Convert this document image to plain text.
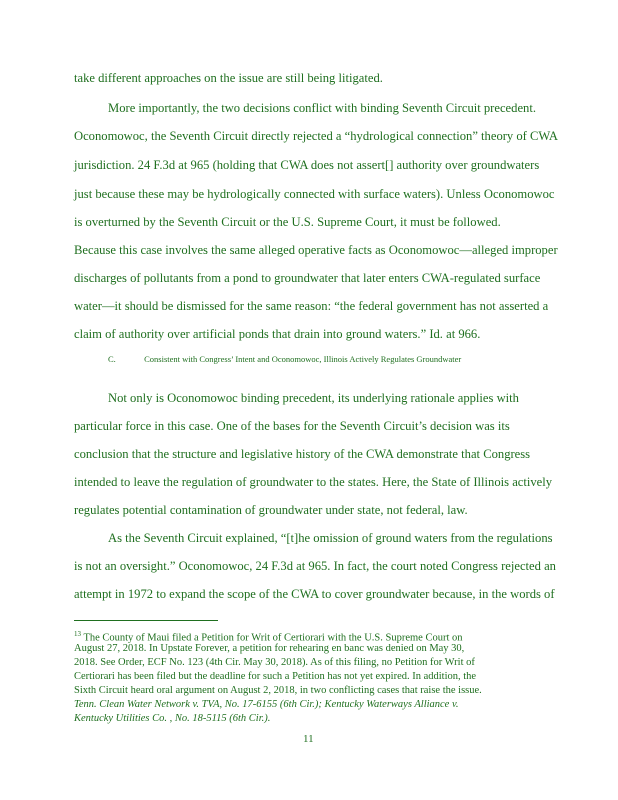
take different approaches on the issue are still being litigated.
More importantly, the two decisions conflict with binding Seventh Circuit precedent.
Oconomowoc, the Seventh Circuit directly rejected a “hydrological connection” theory of CWA
jurisdiction. 24 F.3d at 965 (holding that CWA does not assert[] authority over groundwaters
just because these may be hydrologically connected with surface waters). Unless Oconomowoc
is overturned by the Seventh Circuit or the U.S. Supreme Court, it must be followed.
Because this case involves the same alleged operative facts as Oconomowoc—alleged improper
discharges of pollutants from a pond to groundwater that later enters CWA-regulated surface
water—it should be dismissed for the same reason: “the federal government has not asserted a
claim of authority over artificial ponds that drain into ground waters.” Id. at 966.
C.	Consistent with Congress’ Intent and Oconomowoc, Illinois Actively Regulates Groundwater
Not only is Oconomowoc binding precedent, its underlying rationale applies with
particular force in this case. One of the bases for the Seventh Circuit’s decision was its
conclusion that the structure and legislative history of the CWA demonstrate that Congress
intended to leave the regulation of groundwater to the states. Here, the State of Illinois actively
regulates potential contamination of groundwater under state, not federal, law.
As the Seventh Circuit explained, “[t]he omission of ground waters from the regulations
is not an oversight.” Oconomowoc, 24 F.3d at 965. In fact, the court noted Congress rejected an
attempt in 1972 to expand the scope of the CWA to cover groundwater because, in the words of
$^{13}$ The County of Maui filed a Petition for Writ of Certiorari with the U.S. Supreme Court on
August 27, 2018. In Upstate Forever, a petition for rehearing en banc was denied on May 30,
2018. See Order, ECF No. 123 (4th Cir. May 30, 2018). As of this filing, no Petition for Writ of
Certiorari has been filed but the deadline for such a Petition has not yet expired. In addition, the
Sixth Circuit heard oral argument on August 2, 2018, in two conflicting cases that raise the issue.
Tenn. Clean Water Network v. TVA, No. 17-6155 (6th Cir.); Kentucky Waterways Alliance v.
Kentucky Utilities Co. , No. 18-5115 (6th Cir.).
11
